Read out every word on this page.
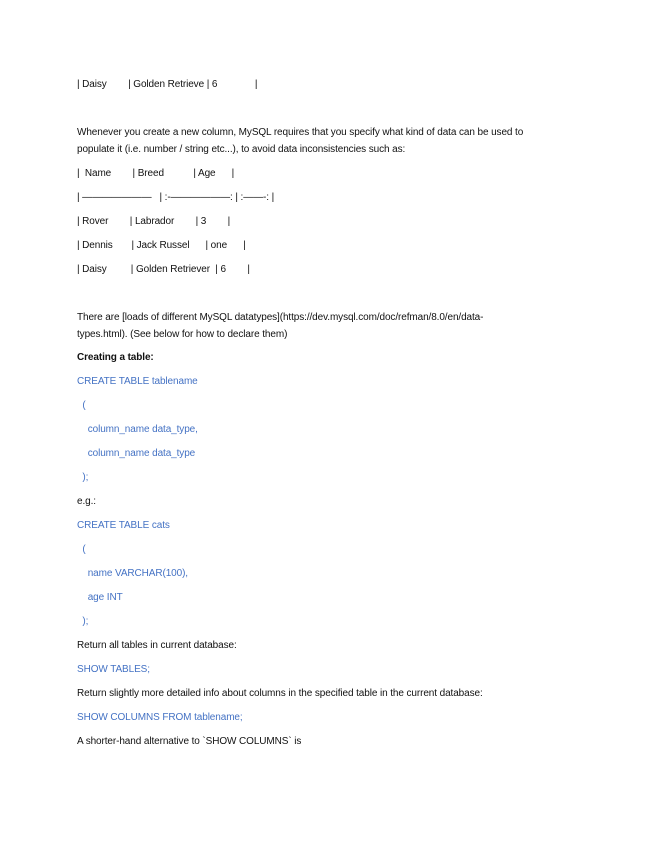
| Daisy        | Golden Retrieve | 6              |
Whenever you create a new column, MySQL requires that you specify what kind of data can be used to
populate it (i.e. number / string etc...), to avoid data inconsistencies such as:
|  Name        | Breed           | Age      |
| ———————   | :-——————: | :——-: |
| Rover        | Labrador        | 3        |
| Dennis       | Jack Russel      | one      |
| Daisy         | Golden Retriever  | 6        |
There are [loads of different MySQL datatypes](https://dev.mysql.com/doc/refman/8.0/en/data-
types.html). (See below for how to declare them)
Creating a table:
CREATE TABLE tablename
(
column_name data_type,
column_name data_type
);
e.g.:
CREATE TABLE cats
(
name VARCHAR(100),
age INT
);
Return all tables in current database:
SHOW TABLES;
Return slightly more detailed info about columns in the specified table in the current database:
SHOW COLUMNS FROM tablename;
A shorter-hand alternative to `SHOW COLUMNS` is
